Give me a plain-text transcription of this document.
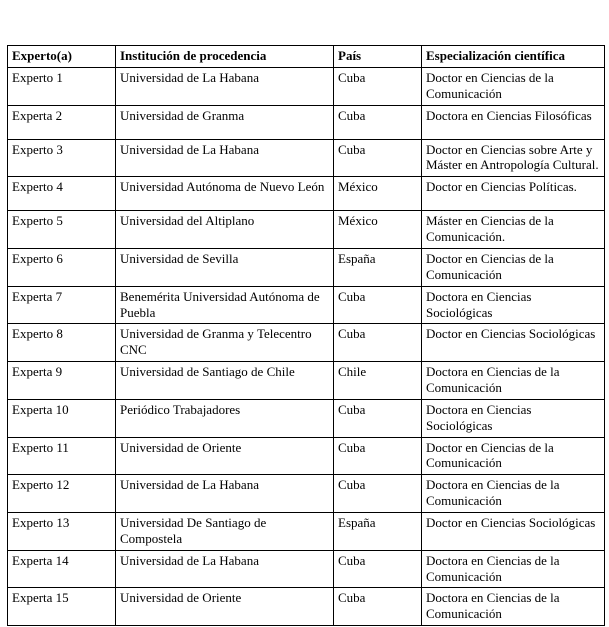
Experto(a)	Institución de procedencia	País	Especialización científica
Experto 1	Universidad de La Habana	Cuba	Doctor en Ciencias de la Comunicación
Experta 2	Universidad de Granma	Cuba	Doctora en Ciencias Filosóficas
Experto 3	Universidad de La Habana	Cuba	Doctor en Ciencias sobre Arte y Máster en Antropología Cultural.
Experto 4	Universidad Autónoma de Nuevo León	México	Doctor en Ciencias Políticas.
Experto 5	Universidad del Altiplano	México	Máster en Ciencias de la Comunicación.
Experto 6	Universidad de Sevilla	España	Doctor en Ciencias de la Comunicación
Experta 7	Benemérita Universidad Autónoma de Puebla	Cuba	Doctora en Ciencias Sociológicas
Experto 8	Universidad de Granma y Telecentro CNC	Cuba	Doctor en Ciencias Sociológicas
Experta 9	Universidad de Santiago de Chile	Chile	Doctora en Ciencias de la Comunicación
Experta 10	Periódico Trabajadores	Cuba	Doctora en Ciencias Sociológicas
Experto 11	Universidad de Oriente	Cuba	Doctor en Ciencias de la Comunicación
Experto 12	Universidad de La Habana	Cuba	Doctora en Ciencias de la Comunicación
Experto 13	Universidad De Santiago de Compostela	España	Doctor en Ciencias Sociológicas
Experta 14	Universidad de La Habana	Cuba	Doctora en Ciencias de la Comunicación
Experta 15	Universidad de Oriente	Cuba	Doctora en Ciencias de la Comunicación
